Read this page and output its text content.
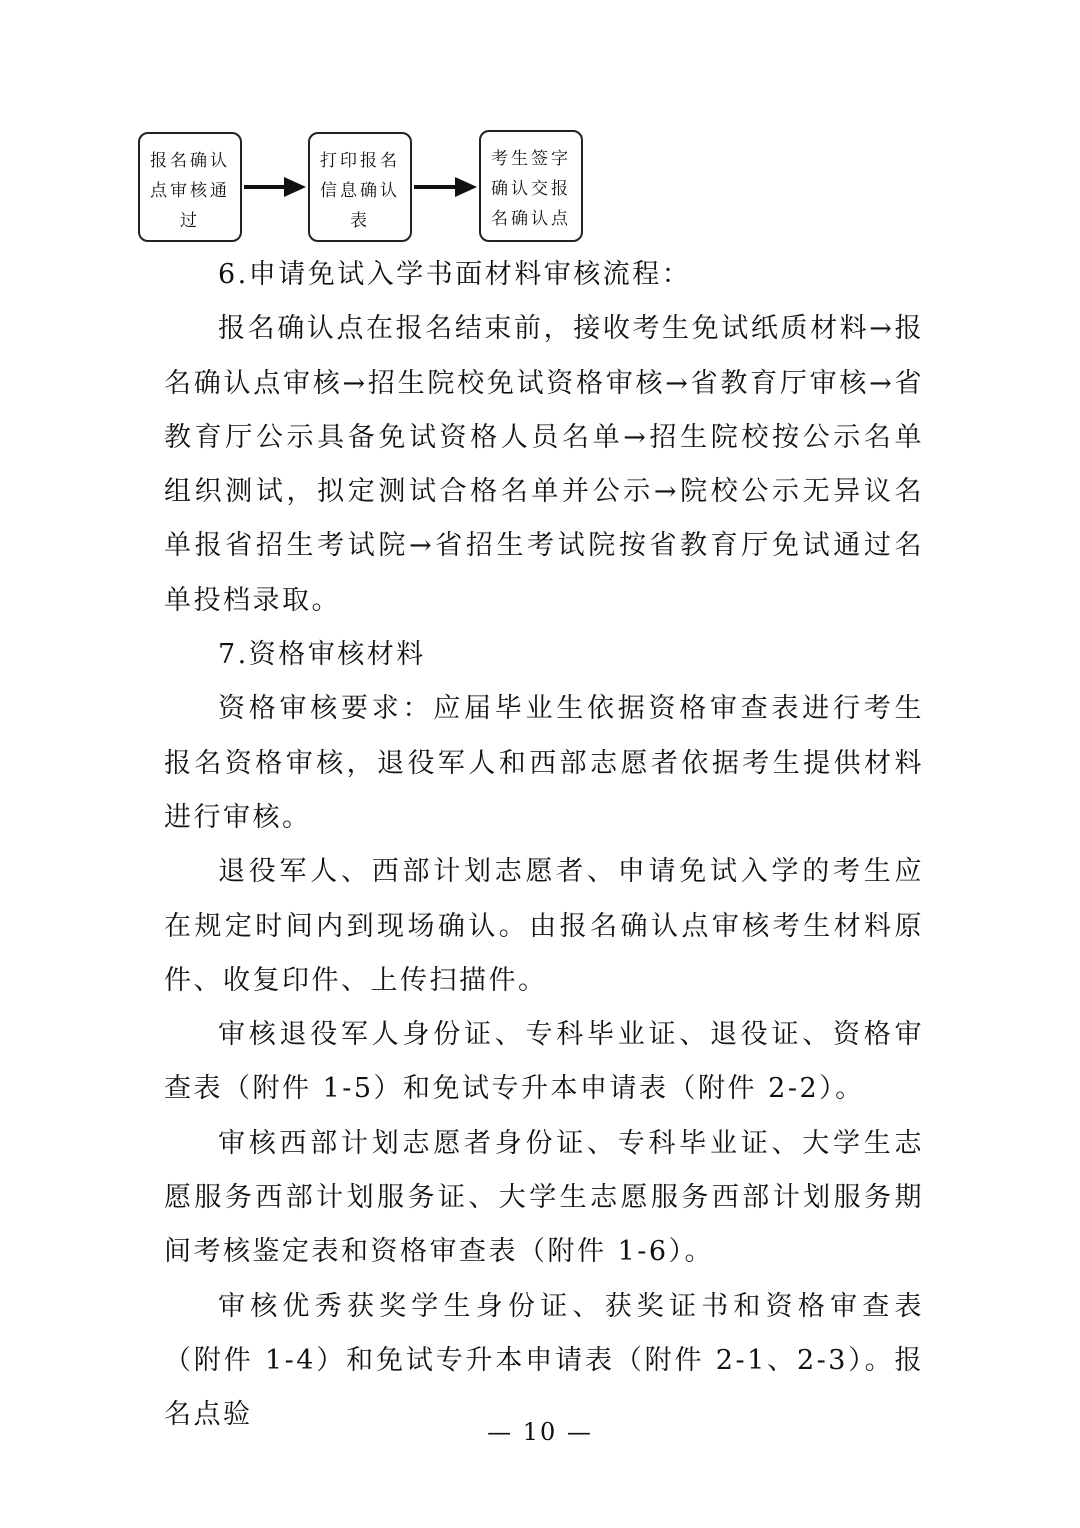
报名确认
点审核通
过
打印报名
信息确认
表
考生签字
确认交报
名确认点

6.申请免试入学书面材料审核流程：

报名确认点在报名结束前，接收考生免试纸质材料→报名确认点审核→招生院校免试资格审核→省教育厅审核→省教育厅公示具备免试资格人员名单→招生院校按公示名单组织测试，拟定测试合格名单并公示→院校公示无异议名单报省招生考试院→省招生考试院按省教育厅免试通过名单投档录取。

7.资格审核材料

资格审核要求：应届毕业生依据资格审查表进行考生报名资格审核，退役军人和西部志愿者依据考生提供材料进行审核。

退役军人、西部计划志愿者、申请免试入学的考生应在规定时间内到现场确认。由报名确认点审核考生材料原件、收复印件、上传扫描件。

审核退役军人身份证、专科毕业证、退役证、资格审查表（附件 1-5）和免试专升本申请表（附件 2-2）。

审核西部计划志愿者身份证、专科毕业证、大学生志愿服务西部计划服务证、大学生志愿服务西部计划服务期间考核鉴定表和资格审查表（附件 1-6）。

审核优秀获奖学生身份证、获奖证书和资格审查表（附件 1-4）和免试专升本申请表（附件 2-1、2-3）。报名点验

— 10 —
